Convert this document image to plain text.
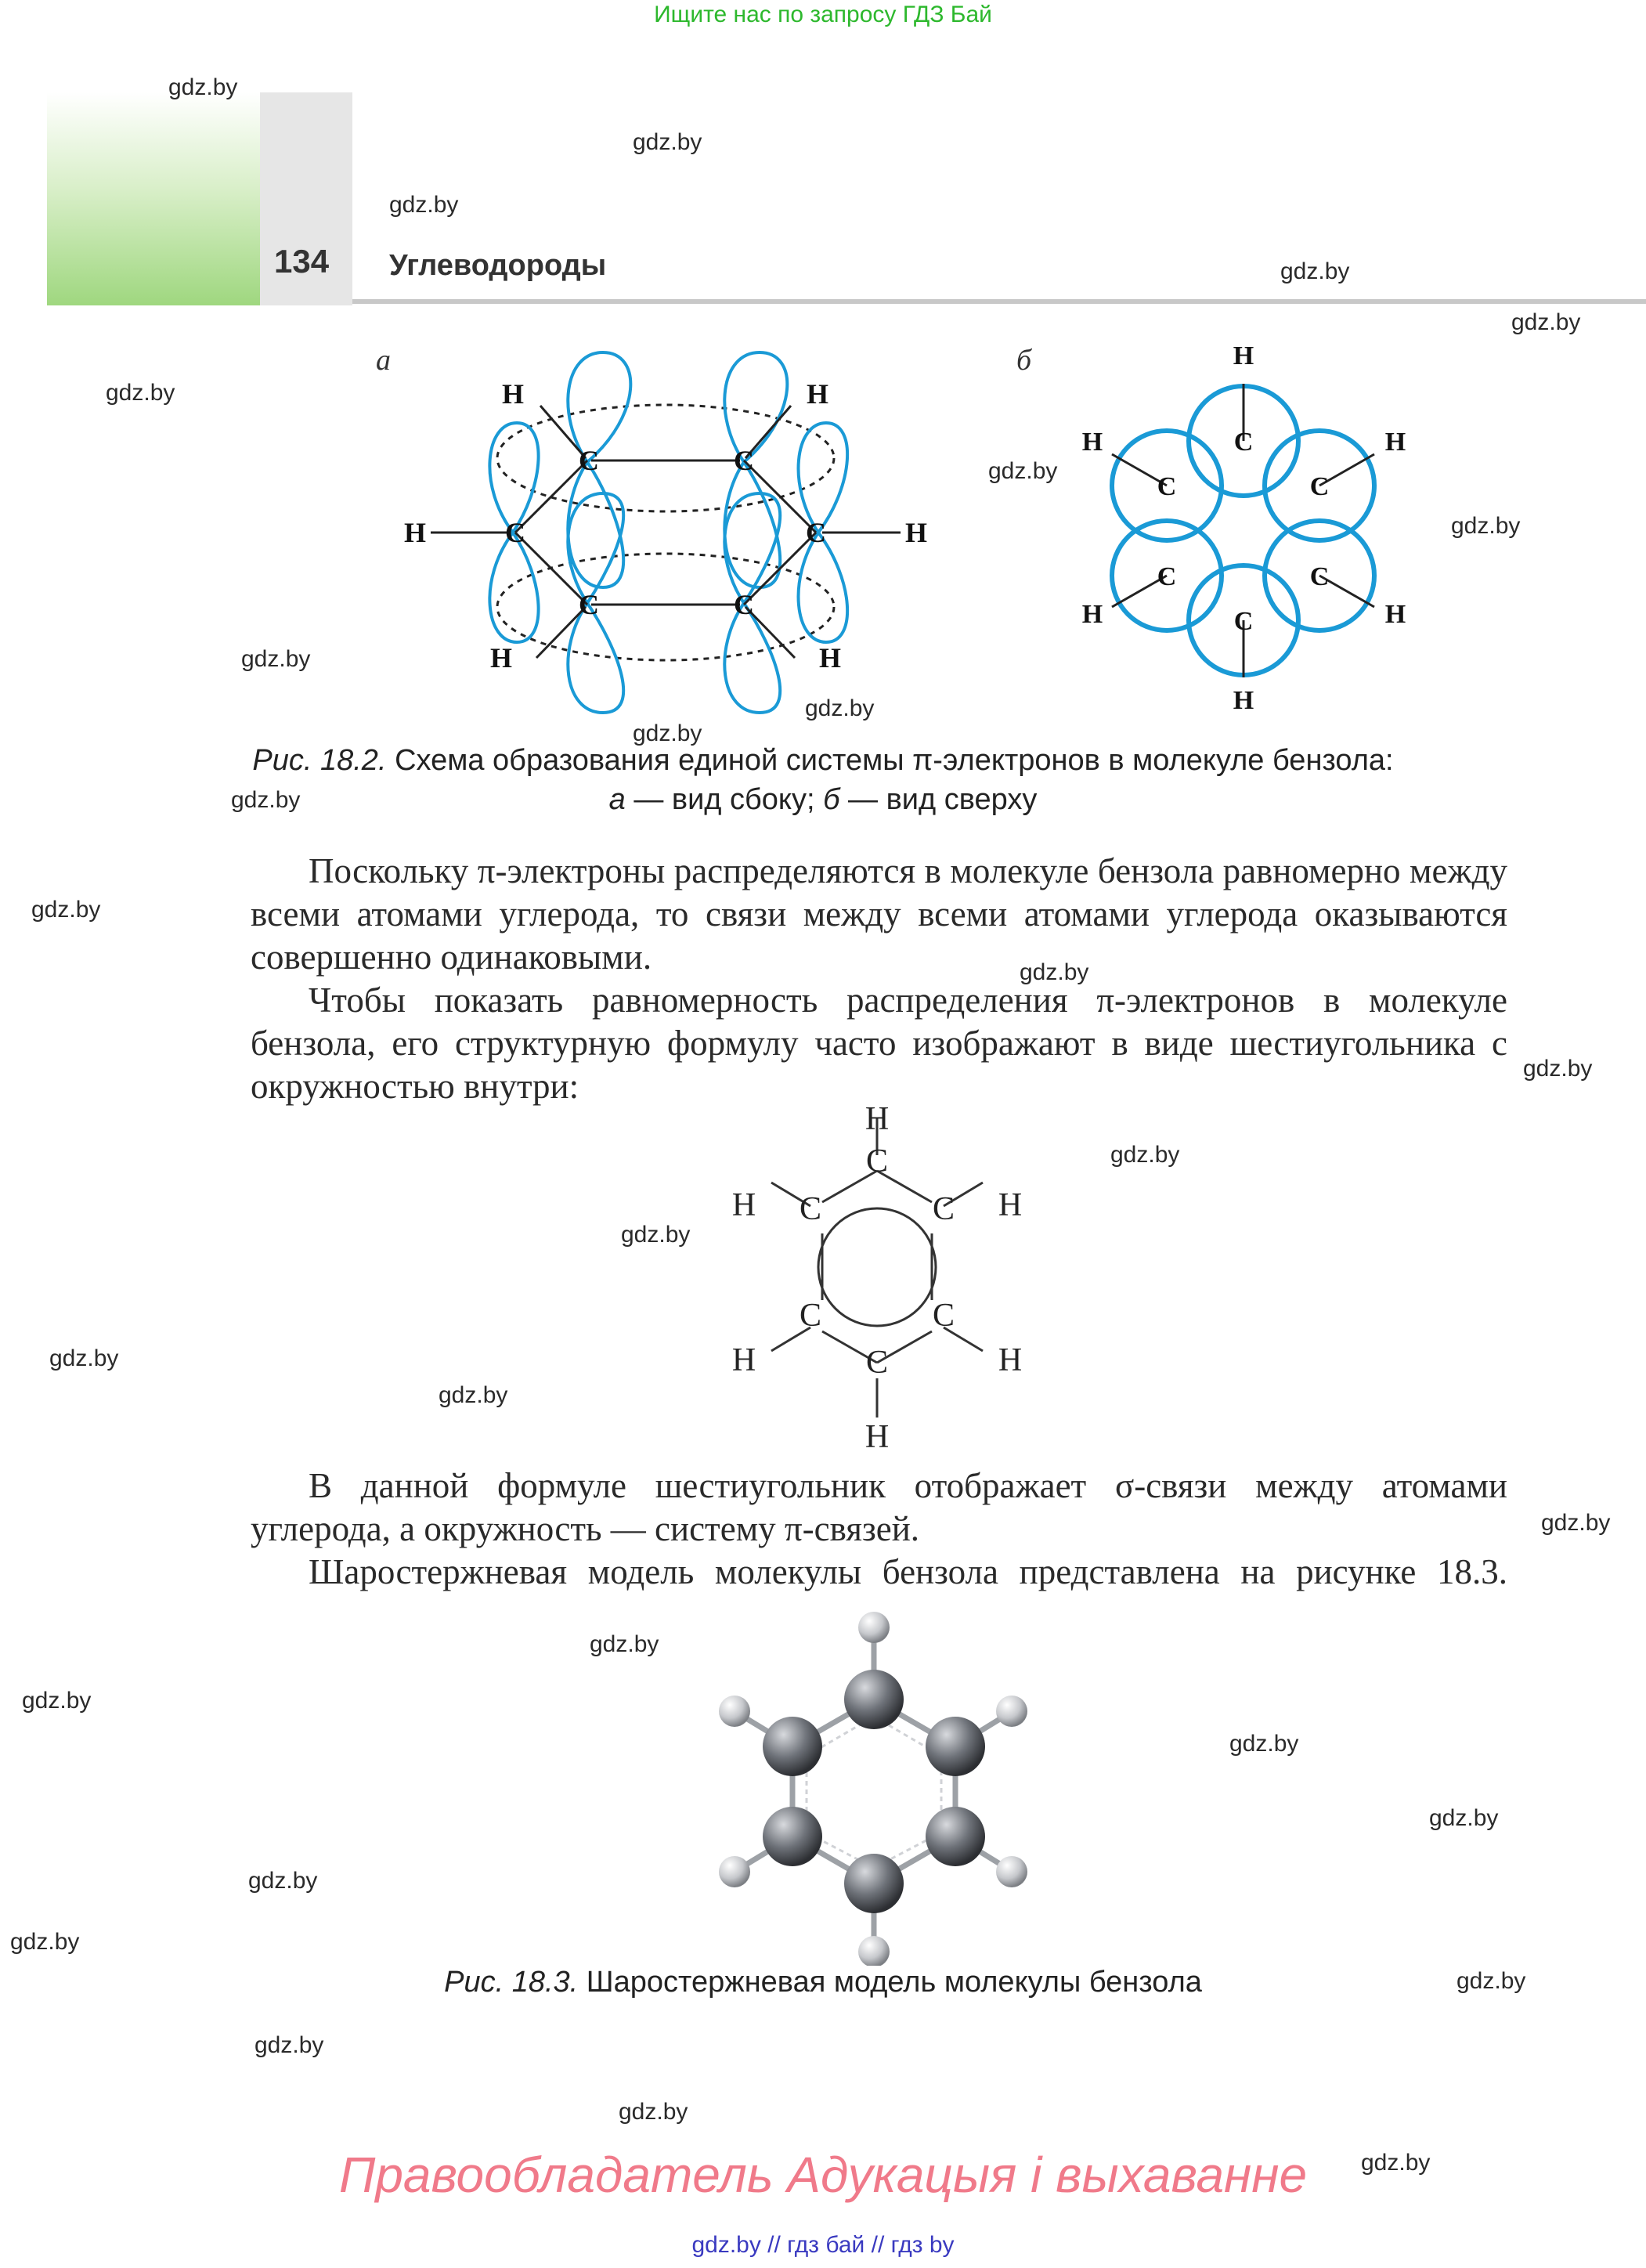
Ищите нас по запросу ГДЗ Бай
134 Углеводороды
а
C	C
C	C
C	C
H	H
H	H
H	H
б
C
C
C
C
C
C
H
H
H
H
H
H
Рис. 18.2. Схема образования единой системы π-электронов в молекуле бензола:
а — вид сбоку; б — вид сверху

Поскольку π-электроны распределяются в молекуле бензола равномерно между всеми атомами углерода, то связи между всеми атомами углерода оказываются совершенно одинаковыми.

Чтобы показать равномерность распределения π-электронов в молекуле бензола, его структурную формулу часто изображают в виде шестиугольника с окружностью внутри:

C
C
C
C
C
C
H
H
H
H
H
H

В данной формуле шестиугольник отображает σ-связи между атомами углерода, а окружность — систему π-связей.

Шаростержневая модель молекулы бензола представлена на рисунке 18.3.

Рис. 18.3. Шаростержневая модель молекулы бензола
Правообладатель Адукацыя і выхаванне
gdz.by // гдз бай // гдз by
gdz.by
gdz.by
gdz.by
gdz.by
gdz.by
gdz.by
gdz.by
gdz.by
gdz.by
gdz.by
gdz.by
gdz.by
gdz.by
gdz.by
gdz.by
gdz.by
gdz.by
gdz.by
gdz.by
gdz.by
gdz.by
gdz.by
gdz.by
gdz.by
gdz.by
gdz.by
gdz.by
gdz.by
gdz.by
gdz.by
